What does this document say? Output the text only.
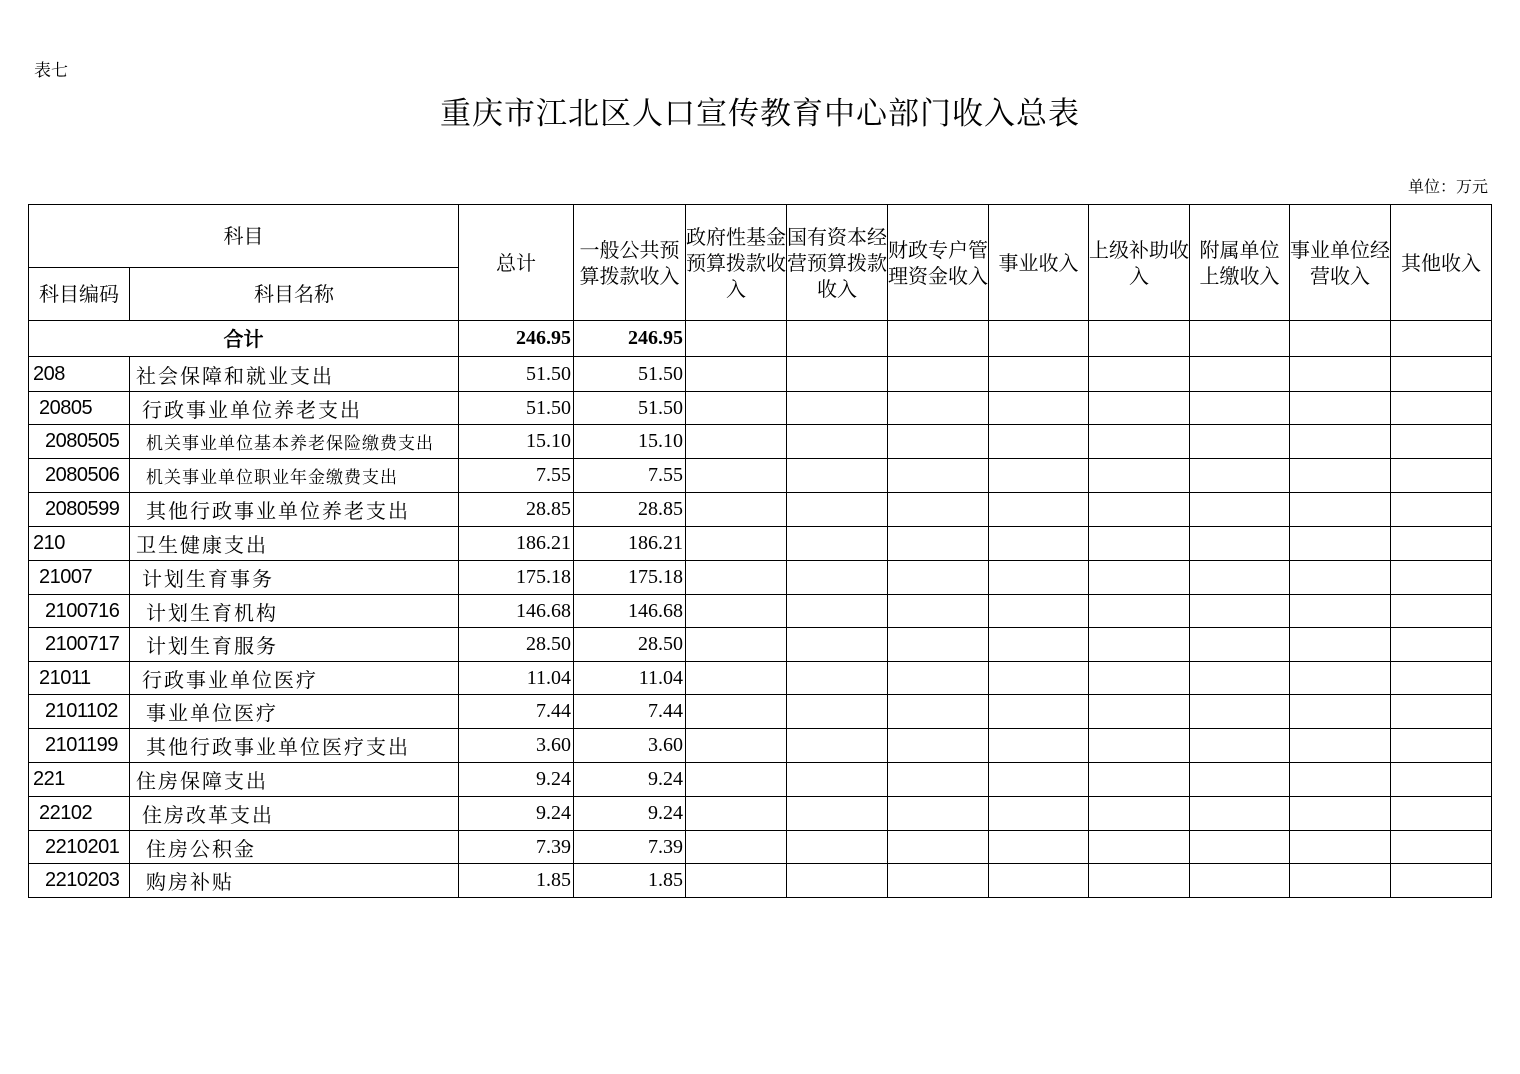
表七
重庆市江北区人口宣传教育中心部门收入总表
单位：万元
科目		总计	一般公共预算拨款收入	政府性基金预算拨款收入	国有资本经营预算拨款收入	财政专户管理资金收入	事业收入	上级补助收入	附属单位上缴收入	事业单位经营收入	其他收入
科目编码	科目名称										
合计		246.95	246.95								
208	社会保障和就业支出	51.50	51.50								
20805	行政事业单位养老支出	51.50	51.50								
2080505	机关事业单位基本养老保险缴费支出	15.10	15.10								
2080506	机关事业单位职业年金缴费支出	7.55	7.55								
2080599	其他行政事业单位养老支出	28.85	28.85								
210	卫生健康支出	186.21	186.21								
21007	计划生育事务	175.18	175.18								
2100716	计划生育机构	146.68	146.68								
2100717	计划生育服务	28.50	28.50								
21011	行政事业单位医疗	11.04	11.04								
2101102	事业单位医疗	7.44	7.44								
2101199	其他行政事业单位医疗支出	3.60	3.60								
221	住房保障支出	9.24	9.24								
22102	住房改革支出	9.24	9.24								
2210201	住房公积金	7.39	7.39								
2210203	购房补贴	1.85	1.85								
